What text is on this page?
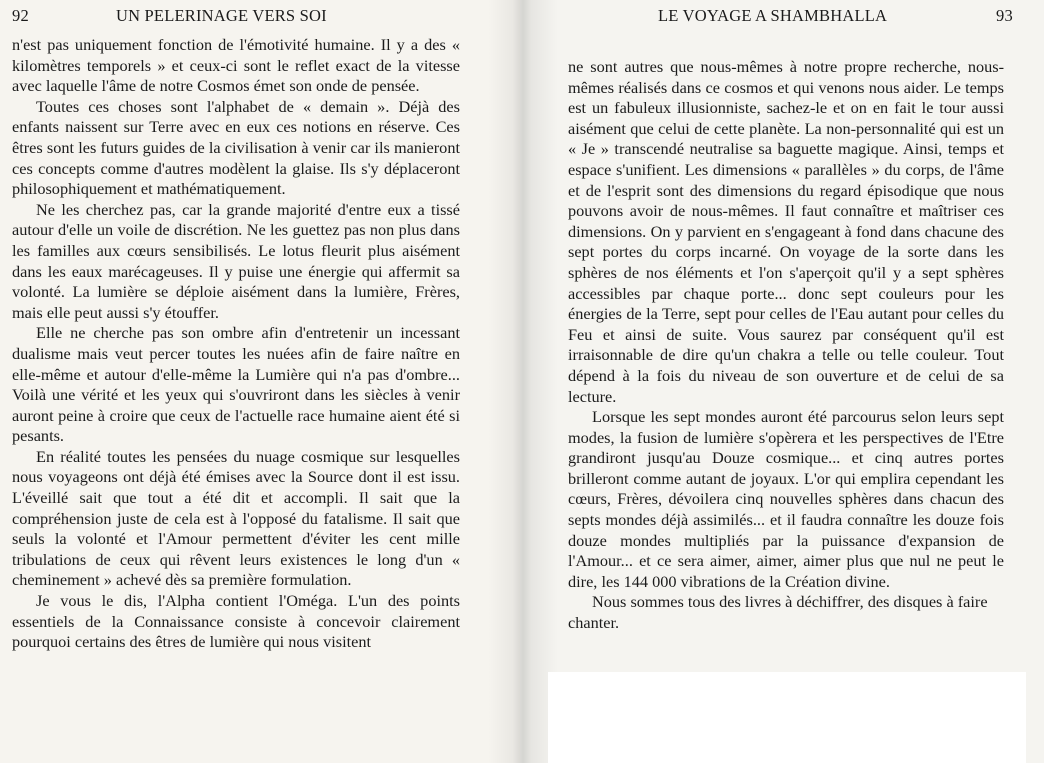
92	UN PELERINAGE VERS SOI	LE VOYAGE A SHAMBHALLA	93

n'est pas uniquement fonction de l'émotivité humaine. Il y a des « kilomètres temporels » et ceux-ci sont le reflet exact de la vitesse avec laquelle l'âme de notre Cosmos émet son onde de pensée.

Toutes ces choses sont l'alphabet de « demain ». Déjà des enfants naissent sur Terre avec en eux ces notions en réserve. Ces êtres sont les futurs guides de la civilisation à venir car ils manieront ces concepts comme d'autres modèlent la glaise. Ils s'y déplaceront philosophiquement et mathématiquement.

Ne les cherchez pas, car la grande majorité d'entre eux a tissé autour d'elle un voile de discrétion. Ne les guettez pas non plus dans les familles aux cœurs sensibilisés. Le lotus fleurit plus aisément dans les eaux marécageuses. Il y puise une énergie qui affermit sa volonté. La lumière se déploie aisément dans la lumière, Frères, mais elle peut aussi s'y étouffer.

Elle ne cherche pas son ombre afin d'entretenir un incessant dualisme mais veut percer toutes les nuées afin de faire naître en elle-même et autour d'elle-même la Lumière qui n'a pas d'ombre... Voilà une vérité et les yeux qui s'ouvriront dans les siècles à venir auront peine à croire que ceux de l'actuelle race humaine aient été si pesants.

En réalité toutes les pensées du nuage cosmique sur lesquelles nous voyageons ont déjà été émises avec la Source dont il est issu. L'éveillé sait que tout a été dit et accompli. Il sait que la compréhension juste de cela est à l'opposé du fatalisme. Il sait que seuls la volonté et l'Amour permettent d'éviter les cent mille tribulations de ceux qui rêvent leurs existences le long d'un « cheminement » achevé dès sa première formulation.

Je vous le dis, l'Alpha contient l'Oméga. L'un des points essentiels de la Connaissance consiste à concevoir clairement pourquoi certains des êtres de lumière qui nous visitent

ne sont autres que nous-mêmes à notre propre recherche, nous-mêmes réalisés dans ce cosmos et qui venons nous aider. Le temps est un fabuleux illusionniste, sachez-le et on en fait le tour aussi aisément que celui de cette planète. La non-personnalité qui est un « Je » transcendé neutralise sa baguette magique. Ainsi, temps et espace s'unifient. Les dimensions « parallèles » du corps, de l'âme et de l'esprit sont des dimensions du regard épisodique que nous pouvons avoir de nous-mêmes. Il faut connaître et maîtriser ces dimensions. On y parvient en s'engageant à fond dans chacune des sept portes du corps incarné. On voyage de la sorte dans les sphères de nos éléments et l'on s'aperçoit qu'il y a sept sphères accessibles par chaque porte... donc sept couleurs pour les énergies de la Terre, sept pour celles de l'Eau autant pour celles du Feu et ainsi de suite. Vous saurez par conséquent qu'il est irraisonnable de dire qu'un chakra a telle ou telle couleur. Tout dépend à la fois du niveau de son ouverture et de celui de sa lecture.

Lorsque les sept mondes auront été parcourus selon leurs sept modes, la fusion de lumière s'opèrera et les perspectives de l'Etre grandiront jusqu'au Douze cosmique... et cinq autres portes brilleront comme autant de joyaux. L'or qui emplira cependant les cœurs, Frères, dévoilera cinq nouvelles sphères dans chacun des septs mondes déjà assimilés... et il faudra connaître les douze fois douze mondes multipliés par la puissance d'expansion de l'Amour... et ce sera aimer, aimer, aimer plus que nul ne peut le dire, les 144 000 vibrations de la Création divine.

Nous sommes tous des livres à déchiffrer, des disques à faire chanter.
